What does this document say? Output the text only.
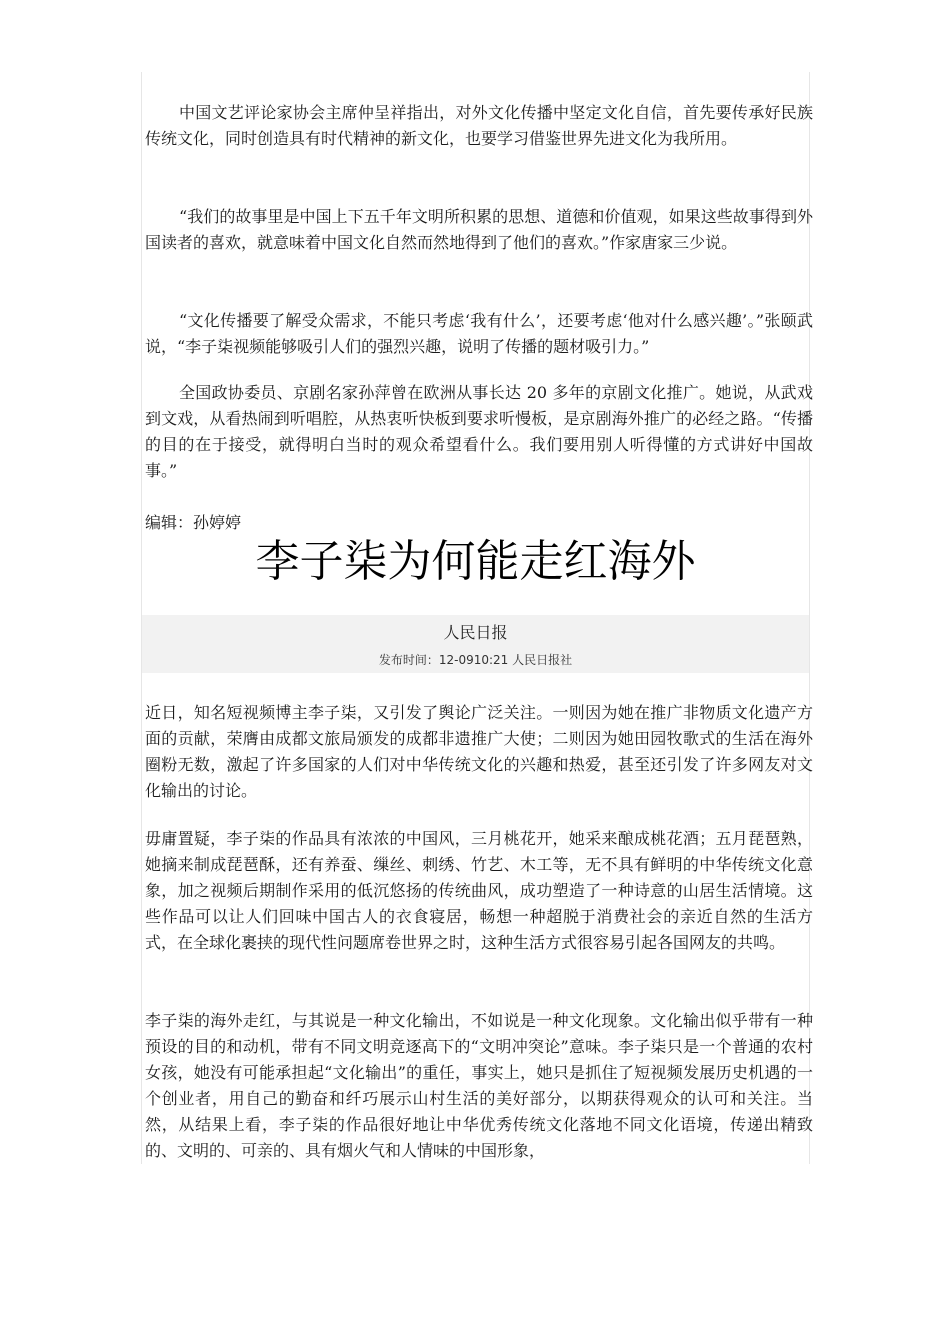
中国文艺评论家协会主席仲呈祥指出，对外文化传播中坚定文化自信，首先要传承好民族传统文化，同时创造具有时代精神的新文化，也要学习借鉴世界先进文化为我所用。

“我们的故事里是中国上下五千年文明所积累的思想、道德和价值观，如果这些故事得到外国读者的喜欢，就意味着中国文化自然而然地得到了他们的喜欢。”作家唐家三少说。

“文化传播要了解受众需求，不能只考虑‘我有什么’，还要考虑‘他对什么感兴趣’。”张颐武说，“李子柒视频能够吸引人们的强烈兴趣，说明了传播的题材吸引力。”

全国政协委员、京剧名家孙萍曾在欧洲从事长达 20 多年的京剧文化推广。她说，从武戏到文戏，从看热闹到听唱腔，从热衷听快板到要求听慢板，是京剧海外推广的必经之路。“传播的目的在于接受，就得明白当时的观众希望看什么。我们要用别人听得懂的方式讲好中国故事。”

编辑：孙婷婷

李子柒为何能走红海外
人民日报
发布时间：12-0910:21 人民日报社

近日，知名短视频博主李子柒，又引发了舆论广泛关注。一则因为她在推广非物质文化遗产方面的贡献，荣膺由成都文旅局颁发的成都非遗推广大使；二则因为她田园牧歌式的生活在海外圈粉无数，激起了许多国家的人们对中华传统文化的兴趣和热爱，甚至还引发了许多网友对文化输出的讨论。

毋庸置疑，李子柒的作品具有浓浓的中国风，三月桃花开，她采来酿成桃花酒；五月琵琶熟，她摘来制成琵琶酥，还有养蚕、缫丝、刺绣、竹艺、木工等，无不具有鲜明的中华传统文化意象，加之视频后期制作采用的低沉悠扬的传统曲风，成功塑造了一种诗意的山居生活情境。这些作品可以让人们回味中国古人的衣食寝居，畅想一种超脱于消费社会的亲近自然的生活方式，在全球化裹挟的现代性问题席卷世界之时，这种生活方式很容易引起各国网友的共鸣。

李子柒的海外走红，与其说是一种文化输出，不如说是一种文化现象。文化输出似乎带有一种预设的目的和动机，带有不同文明竞逐高下的“文明冲突论”意味。李子柒只是一个普通的农村女孩，她没有可能承担起“文化输出”的重任，事实上，她只是抓住了短视频发展历史机遇的一个创业者，用自己的勤奋和纤巧展示山村生活的美好部分，以期获得观众的认可和关注。当然，从结果上看，李子柒的作品很好地让中华优秀传统文化落地不同文化语境，传递出精致的、文明的、可亲的、具有烟火气和人情味的中国形象，
